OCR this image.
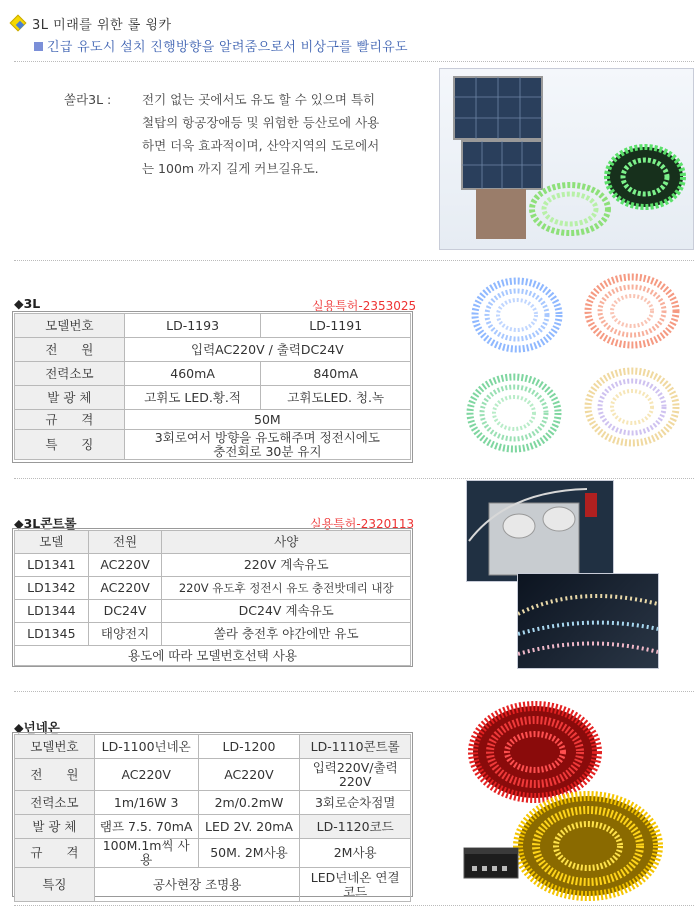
3L 미래를 위한 롤 윙카
긴급 유도시 설치 진행방향을 알려줌으로서 비상구를 빨리유도
쏠라3L : 전기 없는 곳에서도 유도 할 수 있으며 특히
철탑의 항공장애등 및 위험한 등산로에 사용
하면 더욱 효과적이며, 산악지역의 도로에서
는 100m 까지 길게 커브길유도.
◆3L	실용특허-2353025
모델번호	LD-1193	LD-1191
전      원	입력AC220V / 출력DC24V	
전력소모	460mA	840mA
발 광 체	고휘도 LED.황.적	고휘도LED. 청.녹
규      격	50M	
특      징	3회로여서 방향을 유도해주며 정전시에도 충전회로 30분 유지	
◆3L콘트롤	실용특허-2320113
모델	전원	사양
LD1341	AC220V	220V 계속유도
LD1342	AC220V	220V 유도후 정전시 유도 충전밧데리 내장
LD1344	DC24V	DC24V 계속유도
LD1345	태양전지	쏠라 충전후 야간에만 유도
용도에 따라 모델번호선택 사용		
◆넌네온
모델번호	LD-1100넌네온	LD-1200	LD-1110콘트롤
전      원	AC220V	AC220V	입력220V/출력220V
전력소모	1m/16W 3	2m/0.2mW	3회로순차점멸
발 광 체	램프 7.5. 70mA	LED 2V. 20mA	LD-1120코드
규      격	100M.1m씩 사용	50M. 2M사용	2M사용
특징	공사현장 조명용		LED넌네온 연결코드
